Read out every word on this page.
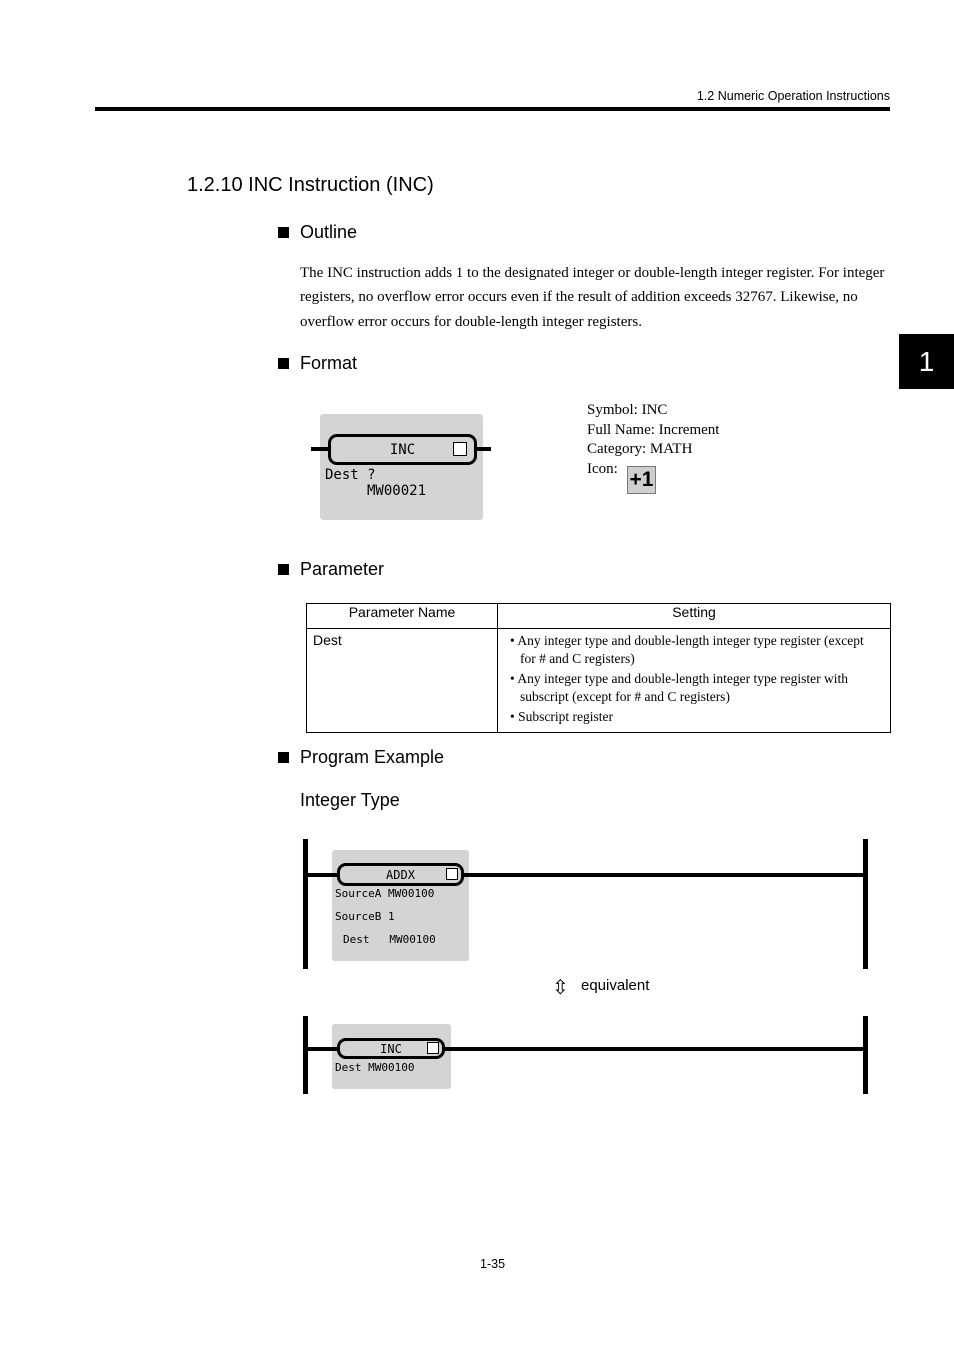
1.2 Numeric Operation Instructions
1
1.2.10 INC Instruction (INC)
Outline
The INC instruction adds 1 to the designated integer or double-length integer register. For integer registers, no overflow error occurs even if the result of addition exceeds 32767. Likewise, no overflow error occurs for double-length integer registers.
Format
INC
Dest ?
MW00021
Symbol: INC
Full Name: Increment
Category: MATH
Icon: +1
Parameter
Parameter Name	Setting
Dest	• Any integer type and double-length integer type register (except for # and C registers)
• Any integer type and double-length integer type register with subscript (except for # and C registers)
• Subscript register
Program Example
Integer Type
ADDX
SourceA MW00100
SourceB 1
Dest   MW00100
⇳ equivalent
INC
Dest MW00100
1-35
